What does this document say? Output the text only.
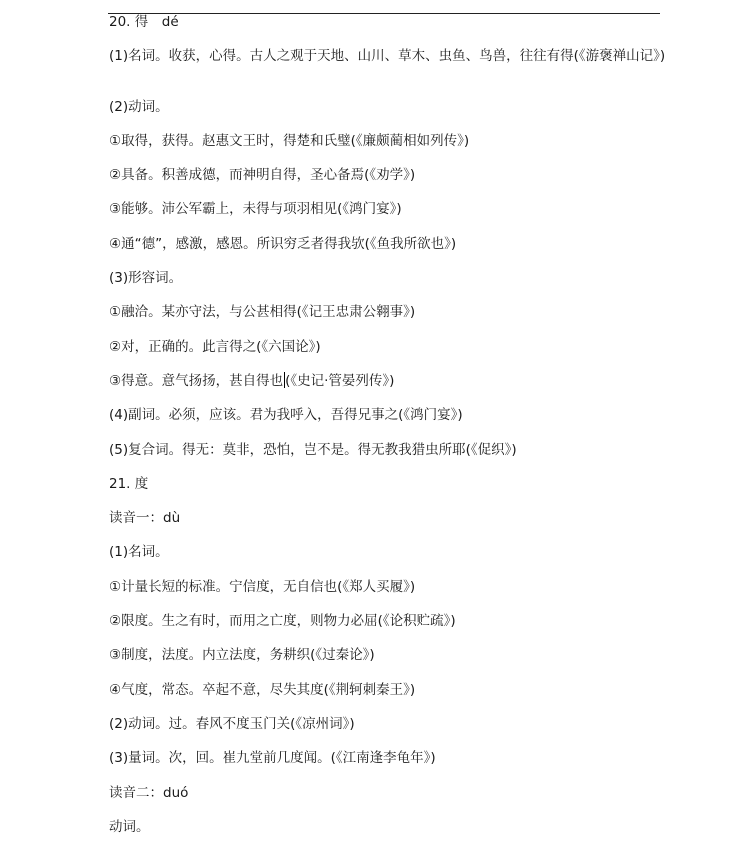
20. 得　dé
(1)名词。收获，心得。古人之观于天地、山川、草木、虫鱼、鸟兽，往往有得(《游褒禅山记》)
(2)动词。
①取得，获得。赵惠文王时，得楚和氏璧(《廉颇蔺相如列传》)
②具备。积善成德，而神明自得，圣心备焉(《劝学》)
③能够。沛公军霸上，未得与项羽相见(《鸿门宴》)
④通“德”，感激，感恩。所识穷乏者得我欤(《鱼我所欲也》)
(3)形容词。
①融洽。某亦守法，与公甚相得(《记王忠肃公翱事》)
②对，正确的。此言得之(《六国论》)
③得意。意气扬扬，甚自得也 (《史记·管晏列传》)
(4)副词。必须，应该。君为我呼入，吾得兄事之(《鸿门宴》)
(5)复合词。得无：莫非，恐怕，岂不是。得无教我猎虫所耶(《促织》)
21. 度
读音一：dù
(1)名词。
①计量长短的标准。宁信度，无自信也(《郑人买履》)
②限度。生之有时，而用之亡度，则物力必屈(《论积贮疏》)
③制度，法度。内立法度，务耕织(《过秦论》)
④气度，常态。卒起不意，尽失其度(《荆轲刺秦王》)
(2)动词。过。春风不度玉门关(《凉州词》)
(3)量词。次，回。崔九堂前几度闻。(《江南逢李龟年》)
读音二：duó
动词。
